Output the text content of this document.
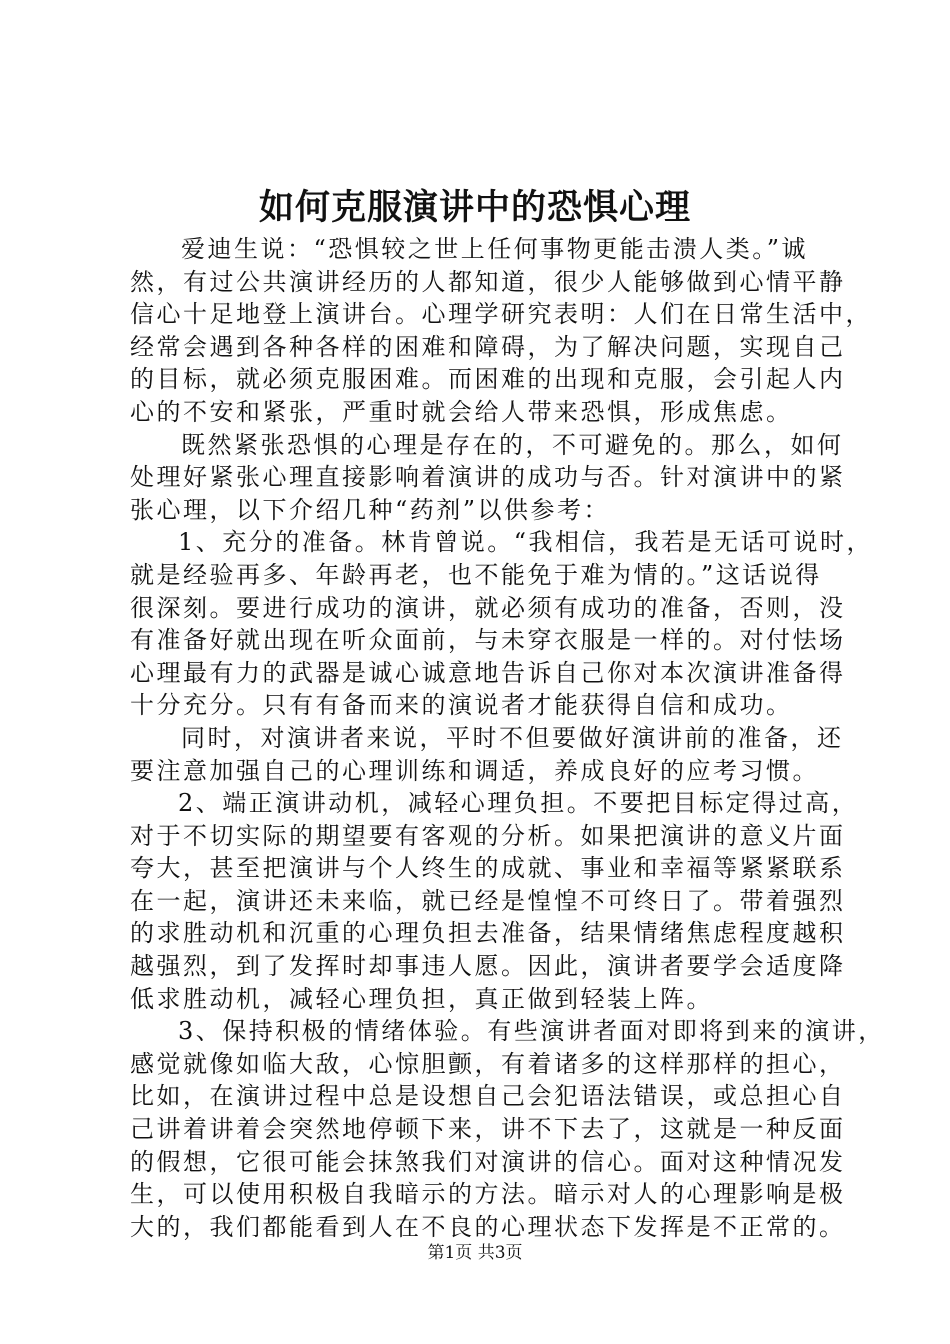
如何克服演讲中的恐惧心理
爱迪生说：“恐惧较之世上任何事物更能击溃人类。”诚
然，有过公共演讲经历的人都知道，很少人能够做到心情平静
信心十足地登上演讲台。心理学研究表明：人们在日常生活中，
经常会遇到各种各样的困难和障碍，为了解决问题，实现自己
的目标，就必须克服困难。而困难的出现和克服，会引起人内
心的不安和紧张，严重时就会给人带来恐惧，形成焦虑。
既然紧张恐惧的心理是存在的，不可避免的。那么，如何
处理好紧张心理直接影响着演讲的成功与否。针对演讲中的紧
张心理，以下介绍几种“药剂”以供参考：
1、充分的准备。林肯曾说。“我相信，我若是无话可说时，
就是经验再多、年龄再老，也不能免于难为情的。”这话说得
很深刻。要进行成功的演讲，就必须有成功的准备，否则，没
有准备好就出现在听众面前，与未穿衣服是一样的。对付怯场
心理最有力的武器是诚心诚意地告诉自己你对本次演讲准备得
十分充分。只有有备而来的演说者才能获得自信和成功。
同时，对演讲者来说，平时不但要做好演讲前的准备，还
要注意加强自己的心理训练和调适，养成良好的应考习惯。
2、端正演讲动机，减轻心理负担。不要把目标定得过高，
对于不切实际的期望要有客观的分析。如果把演讲的意义片面
夸大，甚至把演讲与个人终生的成就、事业和幸福等紧紧联系
在一起，演讲还未来临，就已经是惶惶不可终日了。带着强烈
的求胜动机和沉重的心理负担去准备，结果情绪焦虑程度越积
越强烈，到了发挥时却事违人愿。因此，演讲者要学会适度降
低求胜动机，减轻心理负担，真正做到轻装上阵。
3、保持积极的情绪体验。有些演讲者面对即将到来的演讲，
感觉就像如临大敌，心惊胆颤，有着诸多的这样那样的担心，
比如，在演讲过程中总是设想自己会犯语法错误，或总担心自
己讲着讲着会突然地停顿下来，讲不下去了，这就是一种反面
的假想，它很可能会抹煞我们对演讲的信心。面对这种情况发
生，可以使用积极自我暗示的方法。暗示对人的心理影响是极
大的，我们都能看到人在不良的心理状态下发挥是不正常的。
第1页 共3页
